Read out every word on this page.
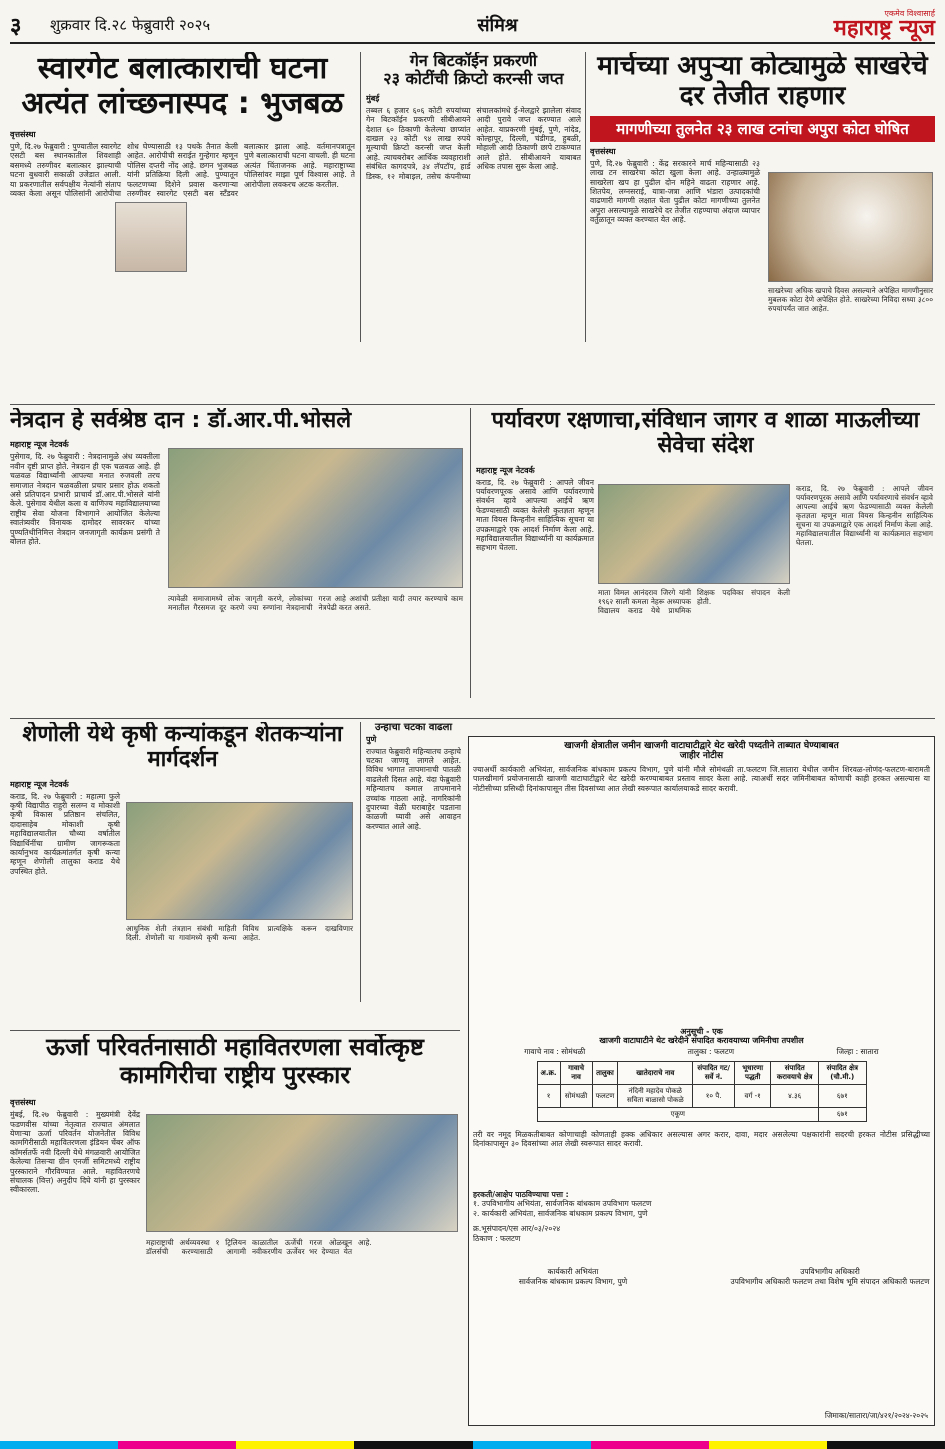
३	शुक्रवार दि.२८ फेब्रुवारी २०२५	संमिश्र
एकमेव विश्वासार्ह
महाराष्ट्र न्यूज
स्वारगेट बलात्काराची घटना अत्यंत लांच्छनास्पद : भुजबळ
वृत्तसंस्था
पुणे, दि.२७ फेब्रुवारी : पुण्यातील स्वारगेट एसटी बस स्थानकातील शिवशाही बसमध्ये तरुणीवर बलात्कार झाल्याची घटना बुधवारी सकाळी उजेडात आली. या प्रकरणातील सर्वपक्षीय नेत्यांनी संताप व्यक्त केला असून पोलिसांनी आरोपीचा शोध घेण्यासाठी १३ पथके तैनात केली आहेत. आरोपीची सराईत गुन्हेगार म्हणून पोलिस दप्तरी नोंद आहे. छगन भुजबळ यांनी प्रतिक्रिया दिली आहे. पुण्यातून फलटणच्या दिशेने प्रवास करणाऱ्या तरुणीवर स्वारगेट एसटी बस स्टँडवर बलात्कार झाला आहे. वर्तमानपत्रातून पुणे बलात्काराची घटना वाचली. ही घटना अत्यंत चिंताजनक आहे. महाराष्ट्राच्या पोलिसांवर माझा पूर्ण विश्वास आहे. ते आरोपीला लवकरच अटक करतील.
गेन बिटकॉईन प्रकरणी
२३ कोटींची क्रिप्टो करन्सी जप्त
मुंबई
तब्बल ६ हजार ६०६ कोटी रुपयांच्या गेन बिटकॉईन प्रकरणी सीबीआयने देशात ६० ठिकाणी केलेल्या छाप्यांत दाखल २३ कोटी ९४ लाख रुपये मूल्याची क्रिप्टो करन्सी जप्त केली आहे. त्याचबरोबर आर्थिक व्यवहाराशी संबंधित कागदपत्रे, ३४ लॅपटॉप, हार्ड डिस्क, १२ मोबाइल, तसेच कंपनीच्या संचालकांमधे ई-मेलद्वारे झालेला संवाद आदी पुरावे जप्त करण्यात आले आहेत. याप्रकरणी मुंबई, पुणे, नांदेड, कोल्हापूर, दिल्ली, चंडीगड, हुबळी, मोहाली आदी ठिकाणी छापे टाकण्यात आले होते. सीबीआयने याबाबत अधिक तपास सुरू केला आहे.
मार्चच्या अपुऱ्या कोट्यामुळे साखरेचे दर तेजीत राहणार
मागणीच्या तुलनेत २३ लाख टनांचा अपुरा कोटा घोषित
वृत्तसंस्था
पुणे, दि.२७ फेब्रुवारी : केंद्र सरकारने मार्च महिन्यासाठी २३ लाख टन साखरेचा कोटा खुला केला आहे. उन्हाळ्यामुळे साखरेला खप हा पुढील दोन महिने वाढता राहणार आहे. शितपेय, लग्नसराई, यात्रा-जत्रा आणि भंडारा उत्पादकांची वाढणारी मागणी लक्षात घेता पुढील कोटा मागणीच्या तुलनेत अपुरा असल्यामुळे साखरेचे दर तेजीत राहण्याचा अंदाज व्यापार वर्तुळातून व्यक्त करण्यात येत आहे.
साखरेच्या अधिक खपाचे दिवस असल्याने अपेक्षित मागणीनुसार मुबलक कोटा देणे अपेक्षित होते. साखरेच्या निविदा सध्या ३८०० रुपयांपर्यंत जात आहेत.
नेत्रदान हे सर्वश्रेष्ठ दान : डॉ.आर.पी.भोसले
महाराष्ट्र न्यूज नेटवर्क
पुसेगाव, दि. २७ फेब्रुवारी : नेत्रदानामुळे अंध व्यक्तीला नवीन दृष्टी प्राप्त होते. नेत्रदान ही एक चळवळ आहे. ही चळवळ विद्यार्थ्यांनी आपल्या मनात रुजवली तरच समाजात नेत्रदान चळवळीला प्रचार प्रसार होऊ शकतो असे प्रतिपादन प्रभारी प्राचार्य डॉ.आर.पी.भोसले यांनी केले. पुसेगाव येथील कला व वाणिज्य महाविद्यालयाच्या राष्ट्रीय सेवा योजना विभागाने आयोजित केलेल्या स्वातंत्र्यवीर विनायक दामोदर सावरकर यांच्या पुण्यतिथीनिमित्त नेत्रदान जनजागृती कार्यक्रम प्रसंगी ते बोलत होते.
त्यावेळी समाजामध्ये लोक जागृती करणे, लोकांच्या मनातील गैरसमज दूर करणे ज्या रुग्णांना नेत्रदानाची गरज आहे अशांची प्रतीक्षा यादी तयार करण्याचे काम नेत्रपेढी करत असते.
पर्यावरण रक्षणाचा,संविधान जागर व शाळा माऊलीच्या सेवेचा संदेश
महाराष्ट्र न्यूज नेटवर्क
कराड, दि. २७ फेब्रुवारी : आपले जीवन पर्यावरणपूरक असावे आणि पर्यावरणाचे संवर्धन व्हावे आपल्या आईचे ऋण फेडण्यासाठी व्यक्त केलेली कृतज्ञता म्हणून माता वियस किन्हनीन साहित्यिक सूचना या उपक्रमाद्वारे एक आदर्श निर्माण केला आहे. महाविद्यालयातील विद्यार्थ्यांनी या कार्यक्रमात सहभाग घेतला.
माता विमल आनंदराव जिरगे यांनी १९६२ साली कमला नेहरू अध्यापक विद्यालय कराड येथे प्राथमिक शिक्षक पदविका संपादन केली होती.
कराड, दि. २७ फेब्रुवारी : आपले जीवन पर्यावरणपूरक असावे आणि पर्यावरणाचे संवर्धन व्हावे आपल्या आईचे ऋण फेडण्यासाठी व्यक्त केलेली कृतज्ञता म्हणून माता वियस किन्हनीन साहित्यिक सूचना या उपक्रमाद्वारे एक आदर्श निर्माण केला आहे. महाविद्यालयातील विद्यार्थ्यांनी या कार्यक्रमात सहभाग घेतला.
शेणोली येथे कृषी कन्यांकडून शेतकऱ्यांना मार्गदर्शन
महाराष्ट्र न्यूज नेटवर्क
कराड, दि. २७ फेब्रुवारी : महात्मा फुले कृषी विद्यापीठ राहुरी सलग्न व मोकाशी कृषी विकास प्रतिष्ठान संचलित, दादासाहेब मोकाशी कृषी महाविद्यालयातील चौथ्या वर्षातील विद्यार्थिनींचा ग्रामीण जागरूकता कार्यानुभव कार्यक्रमांतर्गत कृषी कन्या म्हणून शेणोली तालुका कराड येथे उपस्थित होते.
आधुनिक शेती तंत्रज्ञान संबंधी माहिती दिली. शेणोली या गावांमध्ये कृषी कन्या विविध प्रात्यक्षिके करून दाखविणार आहेत.
उन्हाचा चटका वाढला
पुणे
राज्यात फेब्रुवारी महिन्यातच उन्हाचे चटका जाणवू लागले आहेत. विविध भागात तापमानाची पातळी वाढलेली दिसत आहे. यंदा फेब्रुवारी महिन्यातच कमाल तापमानाने उच्चांक गाठला आहे. नागरिकांनी दुपारच्या वेळी घराबाहेर पडताना काळजी घ्यावी असे आवाहन करण्यात आले आहे.
खाजगी क्षेत्रातील जमीन खाजगी वाटाघाटीद्वारे थेट खरेदी पध्दतीने ताब्यात घेण्याबाबत
जाहीर नोटीस
ज्याअर्थी कार्यकारी अभियंता, सार्वजनिक बांधकाम प्रकल्प विभाग, पुणे यांनी मौजे सोमंथळी ता.फलटण जि.सातारा येथील जमीन शिरवळ-लोणंद-फलटण-बारामती पालखीमार्ग प्रयोजनासाठी खाजगी वाटाघाटीद्वारे थेट खरेदी करण्याबाबत प्रस्ताव सादर केला आहे. त्याअर्थी सदर जमिनीबाबत कोणाची काही हरकत असल्यास या नोटीसीच्या प्रसिध्दी दिनांकापासून तीस दिवसांच्या आत लेखी स्वरूपात कार्यालयाकडे सादर करावी.
अनुसूची - एक
खाजगी वाटाघाटीने थेट खरेदीने संपादित करावयाच्या जमिनीचा तपशील
गावाचे नाव : सोमंथळी	तालुका : फलटण	जिल्हा : सातारा
अ.क्र.	गावाचे नाव	तालुका	खातेदाराचे नाव	संपादित गट/सर्वे नं.	भूधारणा पद्धती	संपादित करावयाचे क्षेत्र	संपादित क्षेत्र (चौ.मी.)
१	सोमंथळी	फलटण	नंदिनी महादेव पोकळे सविता बाळासो पोकळे	१० पै.	वर्ग -१	४.३६	६७१
एकूण							६७१
तरी वर नमूद मिळकतीबाबत कोणाचाही कोणताही हक्क अधिकार असल्यास अगर करार, दावा, मदार असलेल्या पक्षकारांनी सदरची हरकत नोटीस प्रसिद्धीच्या दिनांकापासून ३० दिवसांच्या आत लेखी स्वरूपात सादर करावी.
हरकती/आक्षेप पाठविण्याचा पत्ता :
१. उपविभागीय अभियंता, सार्वजनिक बांधकाम उपविभाग फलटण
२. कार्यकारी अभियंता, सार्वजनिक बांधकाम प्रकल्प विभाग, पुणे
क्र.भूसंपादन/एस आर/०३/२०२४
ठिकाण : फलटण
कार्यकारी अभियंता
सार्वजनिक बांधकाम प्रकल्प विभाग, पुणे
उपविभागीय अधिकारी
उपविभागीय अधिकारी फलटण तथा विशेष भूमि संपादन अधिकारी फलटण
जिमाका/सातारा/जा/४२१/२०२४-२०२५
ऊर्जा परिवर्तनासाठी महावितरणला सर्वोत्कृष्ट कामगिरीचा राष्ट्रीय पुरस्कार
वृत्तसंस्था
मुंबई, दि.२७ फेब्रुवारी : मुख्यमंत्री देवेंद्र फडणवीस यांच्या नेतृत्वात राज्यात अंमलात येणाऱ्या ऊर्जा परिवर्तन योजनेतील विविध कामगिरीसाठी महावितरणला इंडियन चेंबर ऑफ कॉमर्सतर्फे नवी दिल्ली येथे मंगळवारी आयोजित केलेल्या तिसऱ्या ग्रीन एनर्जी समिटमध्ये राष्ट्रीय पुरस्काराने गौरविण्यात आले. महावितरणचे संचालक (वित्त) अनुदीप दिघे यांनी हा पुरस्कार स्वीकारला.
महाराष्ट्राची अर्थव्यवस्था १ ट्रिलियन डॉलर्सची करण्यासाठी आगामी काळातील ऊर्जेची गरज ओळखून नवीकरणीय ऊर्जेवर भर देण्यात येत आहे.
